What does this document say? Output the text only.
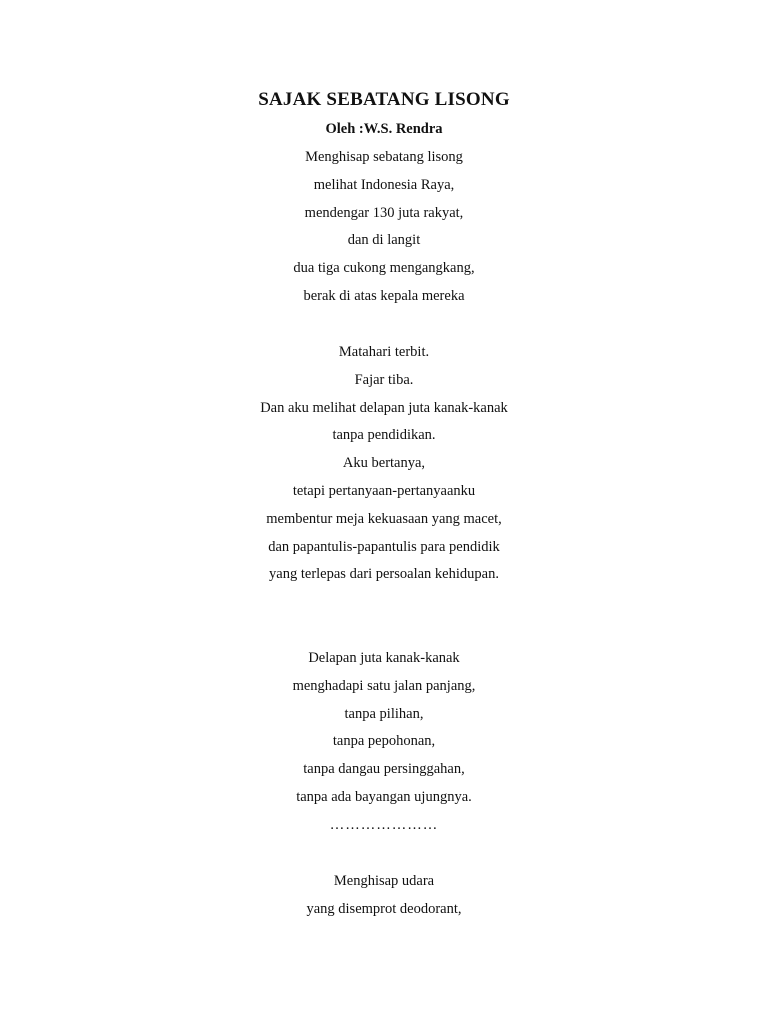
SAJAK SEBATANG LISONG
Oleh :W.S. Rendra
Menghisap sebatang lisong
melihat Indonesia Raya,
mendengar 130 juta rakyat,
dan di langit
dua tiga cukong mengangkang,
berak di atas kepala mereka
Matahari terbit.
Fajar tiba.
Dan aku melihat delapan juta kanak-kanak
tanpa pendidikan.
Aku bertanya,
tetapi pertanyaan-pertanyaanku
membentur meja kekuasaan yang macet,
dan papantulis-papantulis para pendidik
yang terlepas dari persoalan kehidupan.
Delapan juta kanak-kanak
menghadapi satu jalan panjang,
tanpa pilihan,
tanpa pepohonan,
tanpa dangau persinggahan,
tanpa ada bayangan ujungnya.
…………………
Menghisap udara
yang disemprot deodorant,
